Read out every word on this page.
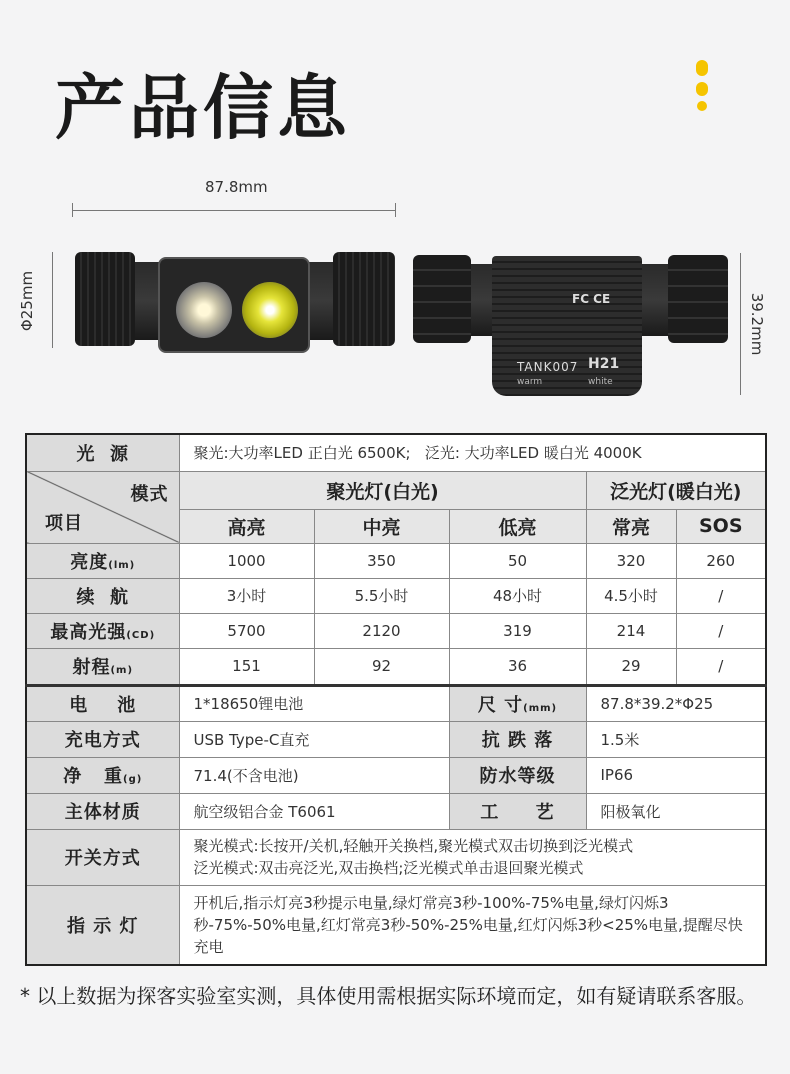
产品信息
87.8mm
Φ25mm	39.2mm
FC CE
TANK007 H21
warm	white
光  源	聚光:大功率LED 正白光 6500K;   泛光: 大功率LED 暖白光 4000K				

模式
项目	聚光灯(白光)			泛光灯(暖白光)	
	高亮	中亮	低亮	常亮	SOS
亮度(lm)	1000	350	50	320	260
续  航	3小时	5.5小时	48小时	4.5小时	/
最高光强(CD)	5700	2120	319	214	/
射程(m)	151	92	36	29	/
电    池	1*18650锂电池		尺 寸(mm)	87.8*39.2*Φ25	
充电方式	USB Type-C直充		抗 跌 落	1.5米	
净   重(g)	71.4(不含电池)		防水等级	IP66	
主体材质	航空级铝合金 T6061		工     艺	阳极氧化	
开关方式	聚光模式:长按开/关机,轻触开关换档,聚光模式双击切换到泛光模式
泛光模式:双击亮泛光,双击换档;泛光模式单击退回聚光模式				

指 示 灯	开机后,指示灯亮3秒提示电量,绿灯常亮3秒-100%-75%电量,绿灯闪烁3秒-75%-50%电量,红灯常亮3秒-50%-25%电量,红灯闪烁3秒<25%电量,提醒尽快充电				
* 以上数据为探客实验室实测，具体使用需根据实际环境而定，如有疑请联系客服。
